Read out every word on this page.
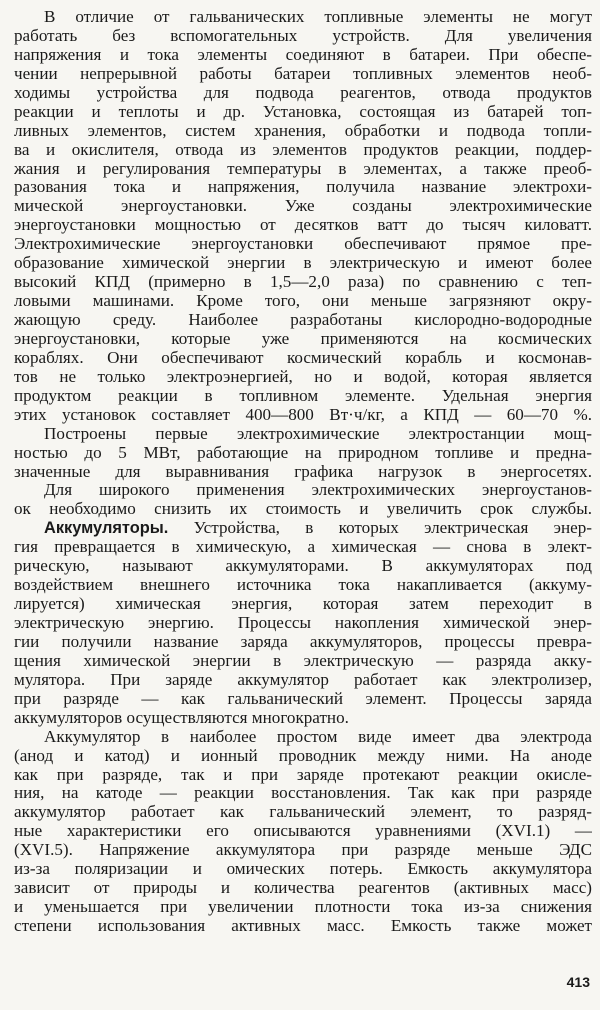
В отличие от гальванических топливные элементы не могут

работать без вспомогательных устройств. Для увеличения

напряжения и тока элементы соединяют в батареи. При обеспе-

чении непрерывной работы батареи топливных элементов необ-

ходимы устройства для подвода реагентов, отвода продуктов

реакции и теплоты и др. Установка, состоящая из батарей топ-

ливных элементов, систем хранения, обработки и подвода топли-

ва и окислителя, отвода из элементов продуктов реакции, поддер-

жания и регулирования температуры в элементах, а также преоб-

разования тока и напряжения, получила название электрохи-

мической энергоустановки. Уже созданы электрохимические

энергоустановки мощностью от десятков ватт до тысяч киловатт.

Электрохимические энергоустановки обеспечивают прямое пре-

образование химической энергии в электрическую и имеют более

высокий КПД (примерно в 1,5—2,0 раза) по сравнению с теп-

ловыми машинами. Кроме того, они меньше загрязняют окру-

жающую среду. Наиболее разработаны кислородно-водородные

энергоустановки, которые уже применяются на космических

кораблях. Они обеспечивают космический корабль и космонав-

тов не только электроэнергией, но и водой, которая является

продуктом реакции в топливном элементе. Удельная энергия

этих установок составляет 400—800 Вт·ч/кг, а КПД — 60—70 %.

Построены первые электрохимические электростанции мощ-

ностью до 5 МВт, работающие на природном топливе и предна-

значенные для выравнивания графика нагрузок в энергосетях.

Для широкого применения электрохимических энергоустанов-

ок необходимо снизить их стоимость и увеличить срок службы.

Аккумуляторы. Устройства, в которых электрическая энер-

гия превращается в химическую, а химическая — снова в элект-

рическую, называют аккумуляторами. В аккумуляторах под

воздействием внешнего источника тока накапливается (аккуму-

лируется) химическая энергия, которая затем переходит в

электрическую энергию. Процессы накопления химической энер-

гии получили название заряда аккумуляторов, процессы превра-

щения химической энергии в электрическую — разряда акку-

мулятора. При заряде аккумулятор работает как электролизер,

при разряде — как гальванический элемент. Процессы заряда

аккумуляторов осуществляются многократно.

Аккумулятор в наиболее простом виде имеет два электрода

(анод и катод) и ионный проводник между ними. На аноде

как при разряде, так и при заряде протекают реакции окисле-

ния, на катоде — реакции восстановления. Так как при разряде

аккумулятор работает как гальванический элемент, то разряд-

ные характеристики его описываются уравнениями (XVI.1) —

(XVI.5). Напряжение аккумулятора при разряде меньше ЭДС

из-за поляризации и омических потерь. Емкость аккумулятора

зависит от природы и количества реагентов (активных масс)

и уменьшается при увеличении плотности тока из-за снижения

степени использования активных масс. Емкость также может

413
